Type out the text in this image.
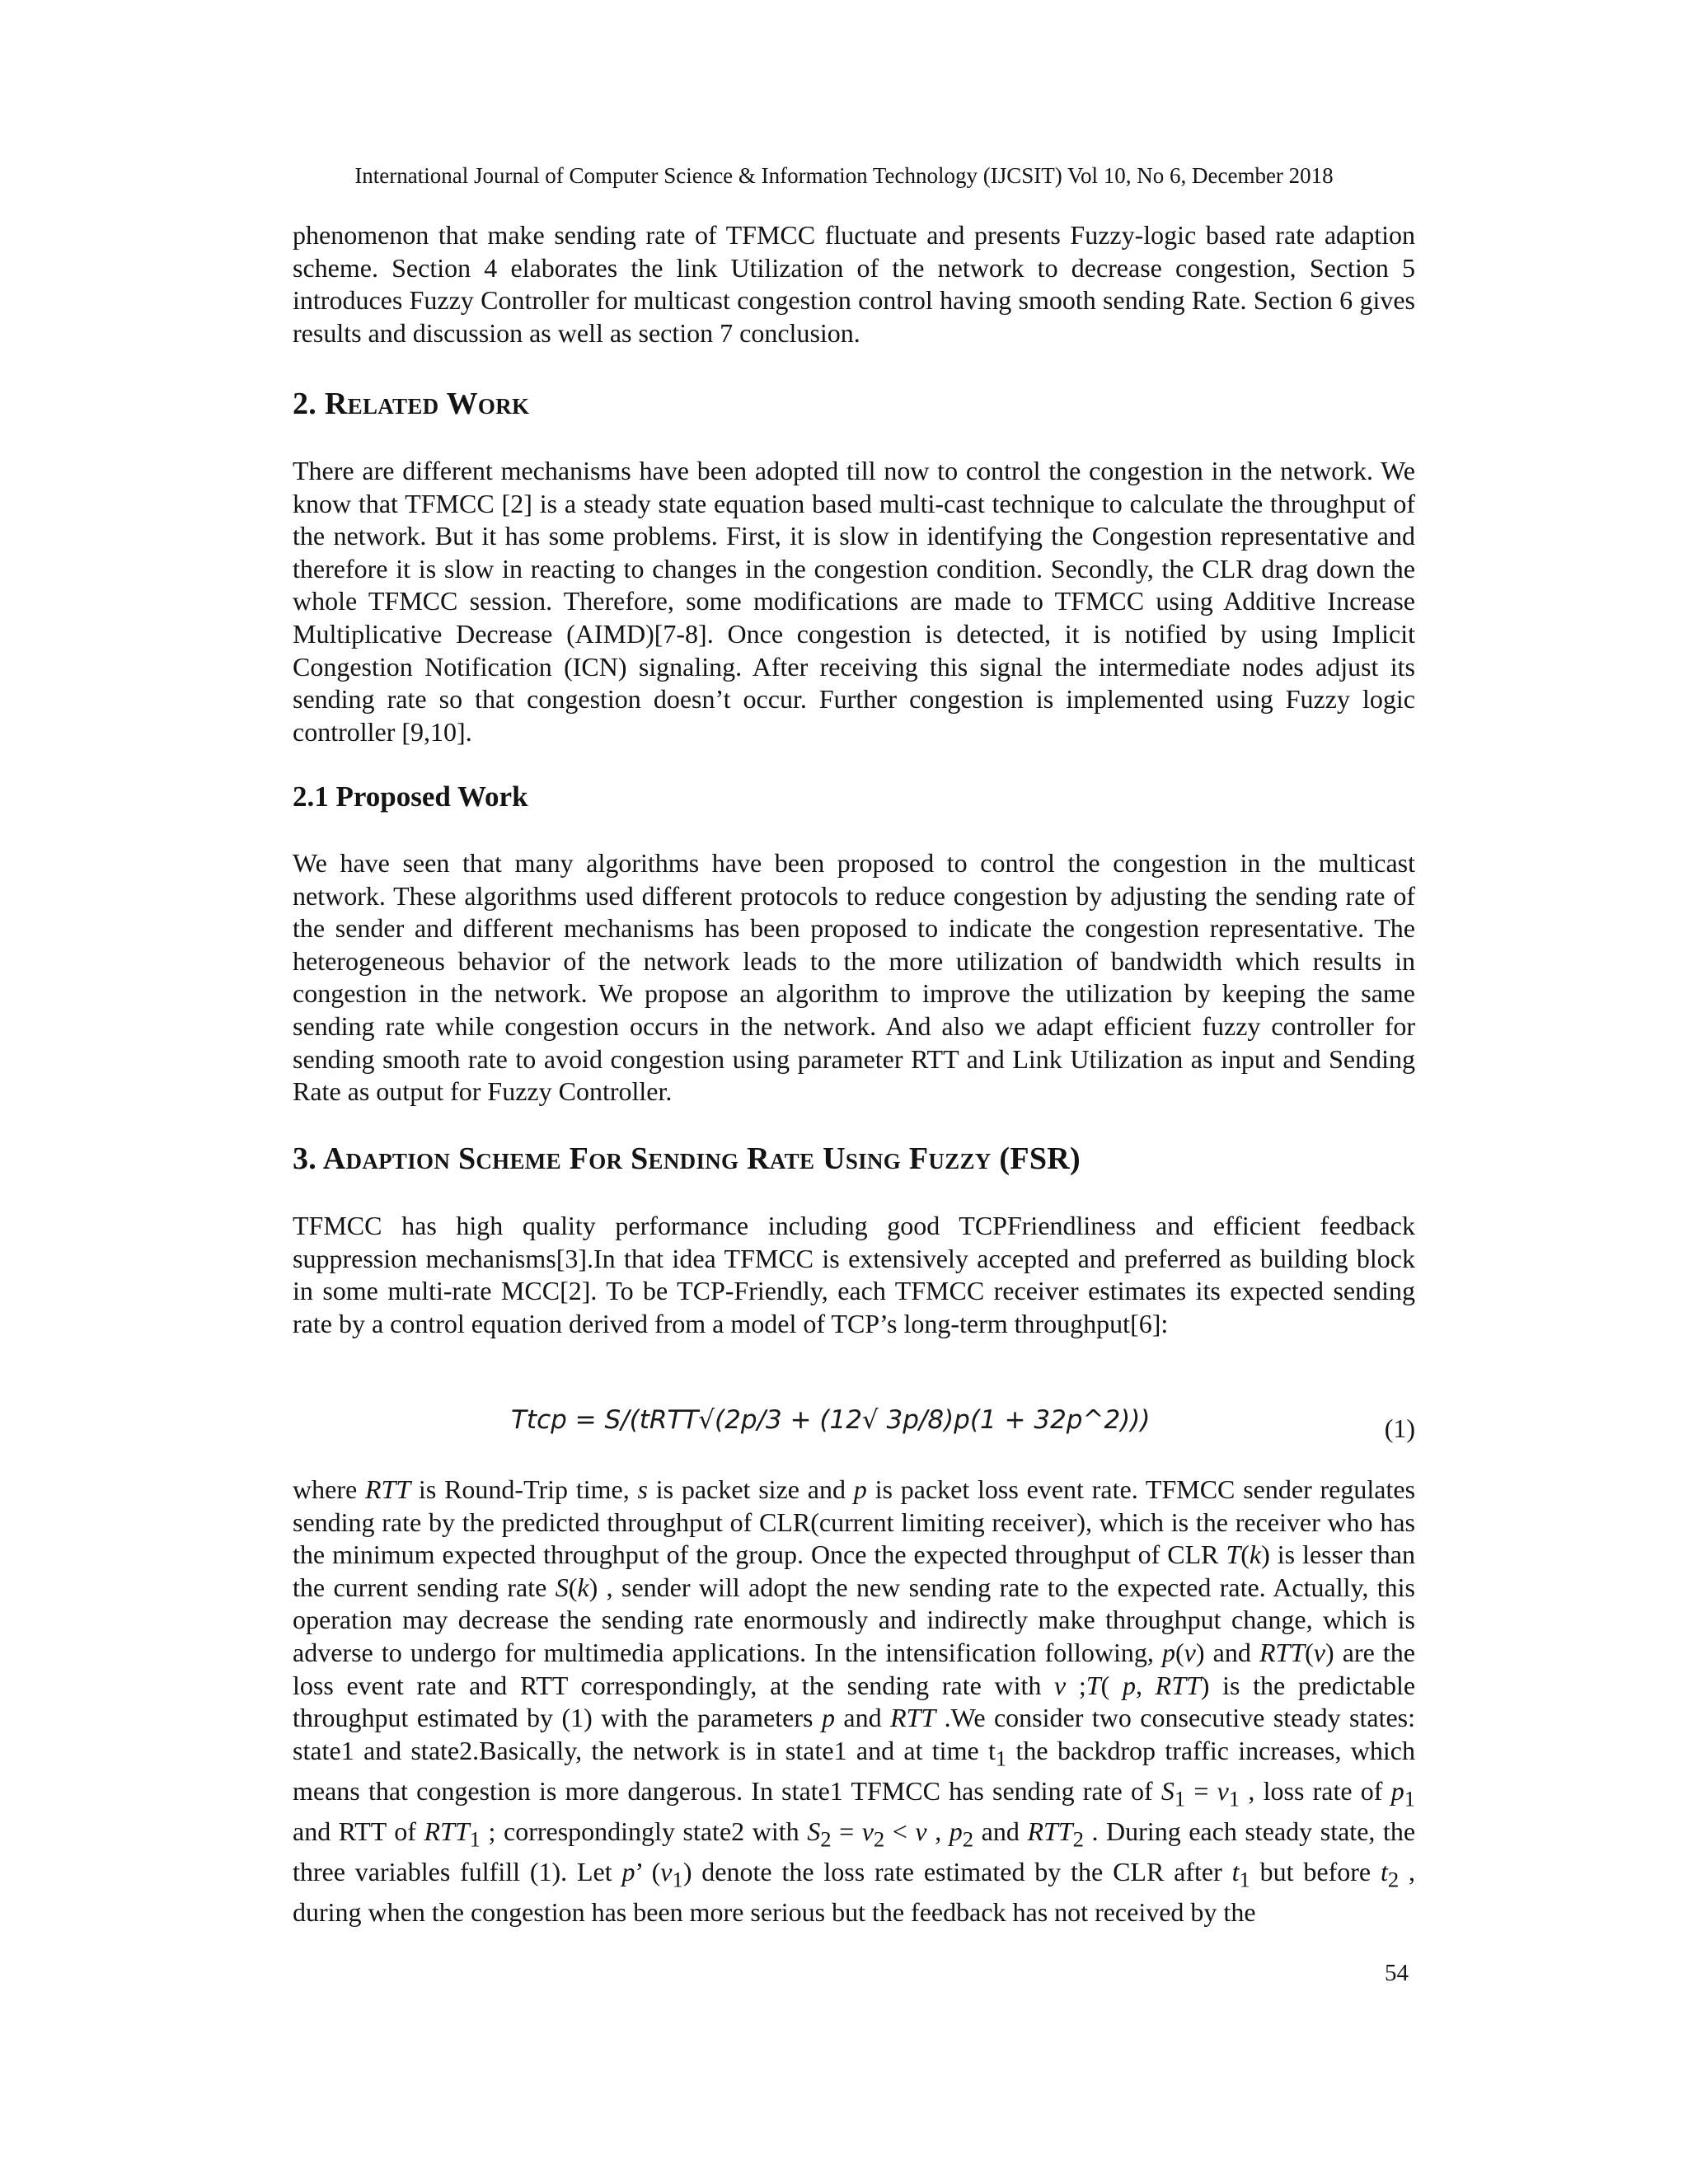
International Journal of Computer Science & Information Technology (IJCSIT) Vol 10, No 6, December 2018

phenomenon that make sending rate of TFMCC fluctuate and presents Fuzzy-logic based rate adaption scheme. Section 4 elaborates the link Utilization of the network to decrease congestion, Section 5 introduces Fuzzy Controller for multicast congestion control having smooth sending Rate. Section 6 gives results and discussion as well as section 7 conclusion.

2. Related Work

There are different mechanisms have been adopted till now to control the congestion in the network. We know that TFMCC [2] is a steady state equation based multi-cast technique to calculate the throughput of the network. But it has some problems. First, it is slow in identifying the Congestion representative and therefore it is slow in reacting to changes in the congestion condition. Secondly, the CLR drag down the whole TFMCC session. Therefore, some modifications are made to TFMCC using Additive Increase Multiplicative Decrease (AIMD)[7-8]. Once congestion is detected, it is notified by using Implicit Congestion Notification (ICN) signaling. After receiving this signal the intermediate nodes adjust its sending rate so that congestion doesn’t occur. Further congestion is implemented using Fuzzy logic controller [9,10].

2.1 Proposed Work

We have seen that many algorithms have been proposed to control the congestion in the multicast network. These algorithms used different protocols to reduce congestion by adjusting the sending rate of the sender and different mechanisms has been proposed to indicate the congestion representative. The heterogeneous behavior of the network leads to the more utilization of bandwidth which results in congestion in the network. We propose an algorithm to improve the utilization by keeping the same sending rate while congestion occurs in the network. And also we adapt efficient fuzzy controller for sending smooth rate to avoid congestion using parameter RTT and Link Utilization as input and Sending Rate as output for Fuzzy Controller.

3. Adaption Scheme For Sending Rate Using Fuzzy (FSR)

TFMCC has high quality performance including good TCPFriendliness and efficient feedback suppression mechanisms[3].In that idea TFMCC is extensively accepted and preferred as building block in some multi-rate MCC[2]. To be TCP-Friendly, each TFMCC receiver estimates its expected sending rate by a control equation derived from a model of TCP’s long-term throughput[6]:

Ttcp = S/(tRTT√(2p/3 + (12√ 3p/8)p(1 + 32p^2)))	(1)

where RTT is Round-Trip time, s is packet size and p is packet loss event rate. TFMCC sender regulates sending rate by the predicted throughput of CLR(current limiting receiver), which is the receiver who has the minimum expected throughput of the group. Once the expected throughput of CLR T(k) is lesser than the current sending rate S(k) , sender will adopt the new sending rate to the expected rate. Actually, this operation may decrease the sending rate enormously and indirectly make throughput change, which is adverse to undergo for multimedia applications. In the intensification following, p(v) and RTT(v) are the loss event rate and RTT correspondingly, at the sending rate with v ;T( p, RTT) is the predictable throughput estimated by (1) with the parameters p and RTT .We consider two consecutive steady states: state1 and state2.Basically, the network is in state1 and at time $t_1$ the backdrop traffic increases, which means that congestion is more dangerous. In state1 TFMCC has sending rate of $S_1 = v_1$ , loss rate of $p_1$ and RTT of $RTT_1$ ; correspondingly state2 with $S_2 = v_2 < v$ , $p_2$ and $RTT_2$ . During each steady state, the three variables fulfill (1). Let p’ $(v_1)$ denote the loss rate estimated by the CLR after $t_1$ but before $t_2$ , during when the congestion has been more serious but the feedback has not received by the

54
